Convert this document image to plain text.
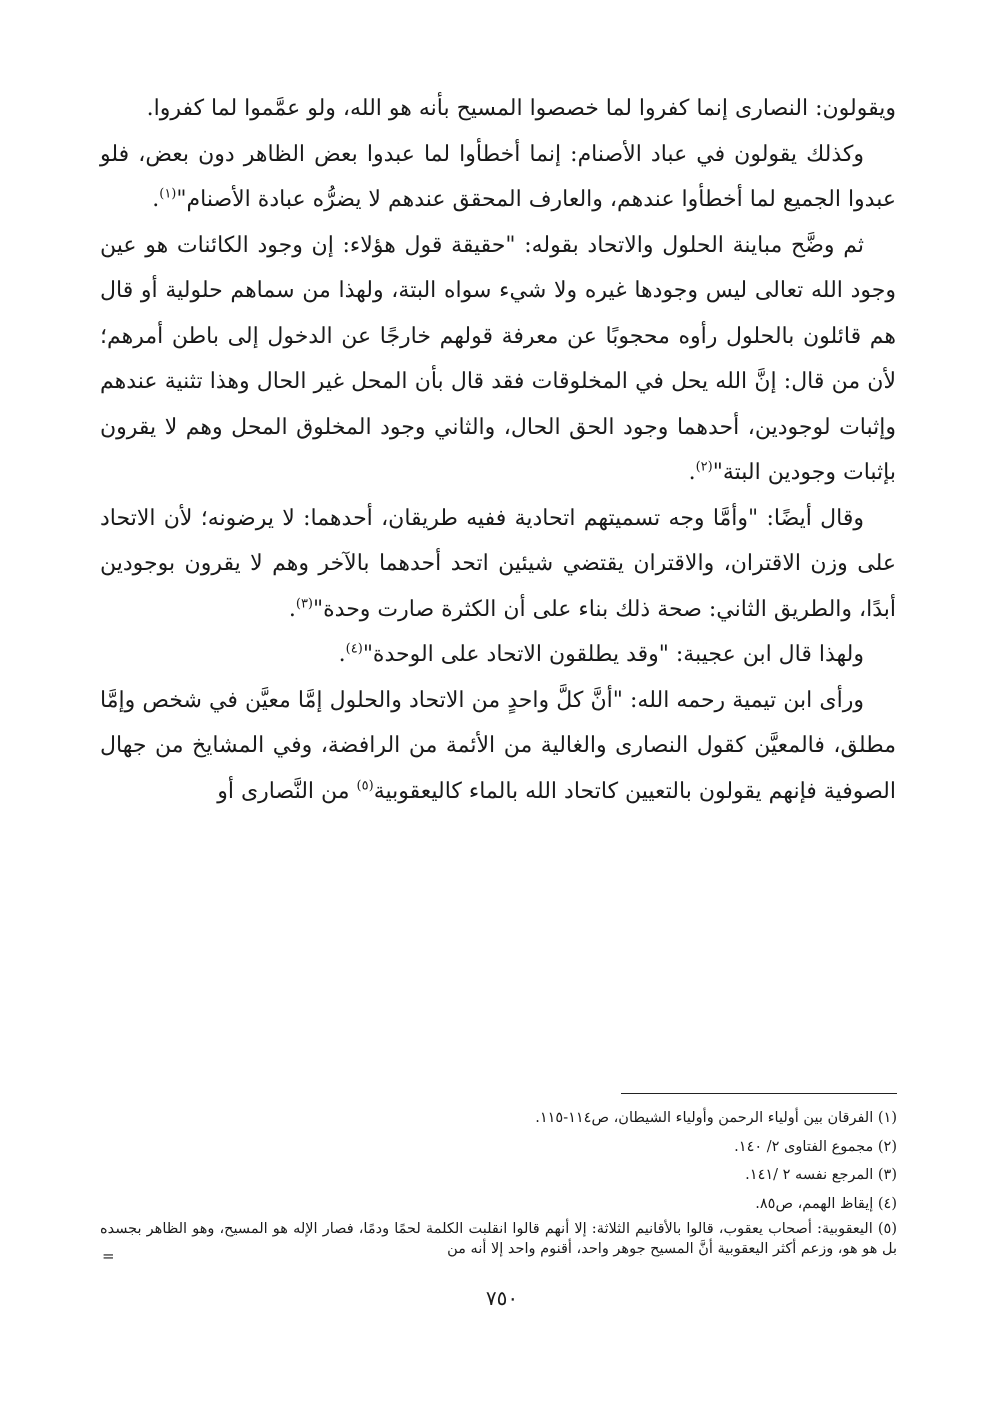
ويقولون: النصارى إنما كفروا لما خصصوا المسيح بأنه هو الله، ولو عمَّموا لما كفروا.

وكذلك يقولون في عباد الأصنام: إنما أخطأوا لما عبدوا بعض الظاهر دون بعض، فلو عبدوا الجميع لما أخطأوا عندهم، والعارف المحقق عندهم لا يضرُّه عبادة الأصنام"$^{(١)}$.

ثم وضَّح مباينة الحلول والاتحاد بقوله: "حقيقة قول هؤلاء: إن وجود الكائنات هو عين وجود الله تعالى ليس وجودها غيره ولا شيء سواه البتة، ولهذا من سماهم حلولية أو قال هم قائلون بالحلول رأوه محجوبًا عن معرفة قولهم خارجًا عن الدخول إلى باطن أمرهم؛ لأن من قال: إنَّ الله يحل في المخلوقات فقد قال بأن المحل غير الحال وهذا تثنية عندهم وإثبات لوجودين، أحدهما وجود الحق الحال، والثاني وجود المخلوق المحل وهم لا يقرون بإثبات وجودين البتة"$^{(٢)}$.

وقال أيضًا: "وأمَّا وجه تسميتهم اتحادية ففيه طريقان، أحدهما: لا يرضونه؛ لأن الاتحاد على وزن الاقتران، والاقتران يقتضي شيئين اتحد أحدهما بالآخر وهم لا يقرون بوجودين أبدًا، والطريق الثاني: صحة ذلك بناء على أن الكثرة صارت وحدة"$^{(٣)}$.

ولهذا قال ابن عجيبة: "وقد يطلقون الاتحاد على الوحدة"$^{(٤)}$.

ورأى ابن تيمية رحمه الله: "أنَّ كلَّ واحدٍ من الاتحاد والحلول إمَّا معيَّن في شخص وإمَّا مطلق، فالمعيَّن كقول النصارى والغالية من الأئمة من الرافضة، وفي المشايخ من جهال الصوفية فإنهم يقولون بالتعيين كاتحاد الله بالماء كاليعقوبية$^{(٥)}$ من النَّصارى أو

(١) الفرقان بين أولياء الرحمن وأولياء الشيطان، ص١١٤-١١٥.

(٢) مجموع الفتاوى ٢/ ١٤٠.

(٣) المرجع نفسه ٢ /١٤١.

(٤) إيقاظ الهمم، ص٨٥.

(٥) اليعقوبية: أصحاب يعقوب، قالوا بالأقانيم الثلاثة: إلا أنهم قالوا انقلبت الكلمة لحمًا ودمًا، فصار الإله هو المسيح، وهو الظاهر بجسده بل هو هو، وزعم أكثر اليعقوبية أنَّ المسيح جوهر واحد، أقنوم واحد إلا أنه من

=
٧٥٠
